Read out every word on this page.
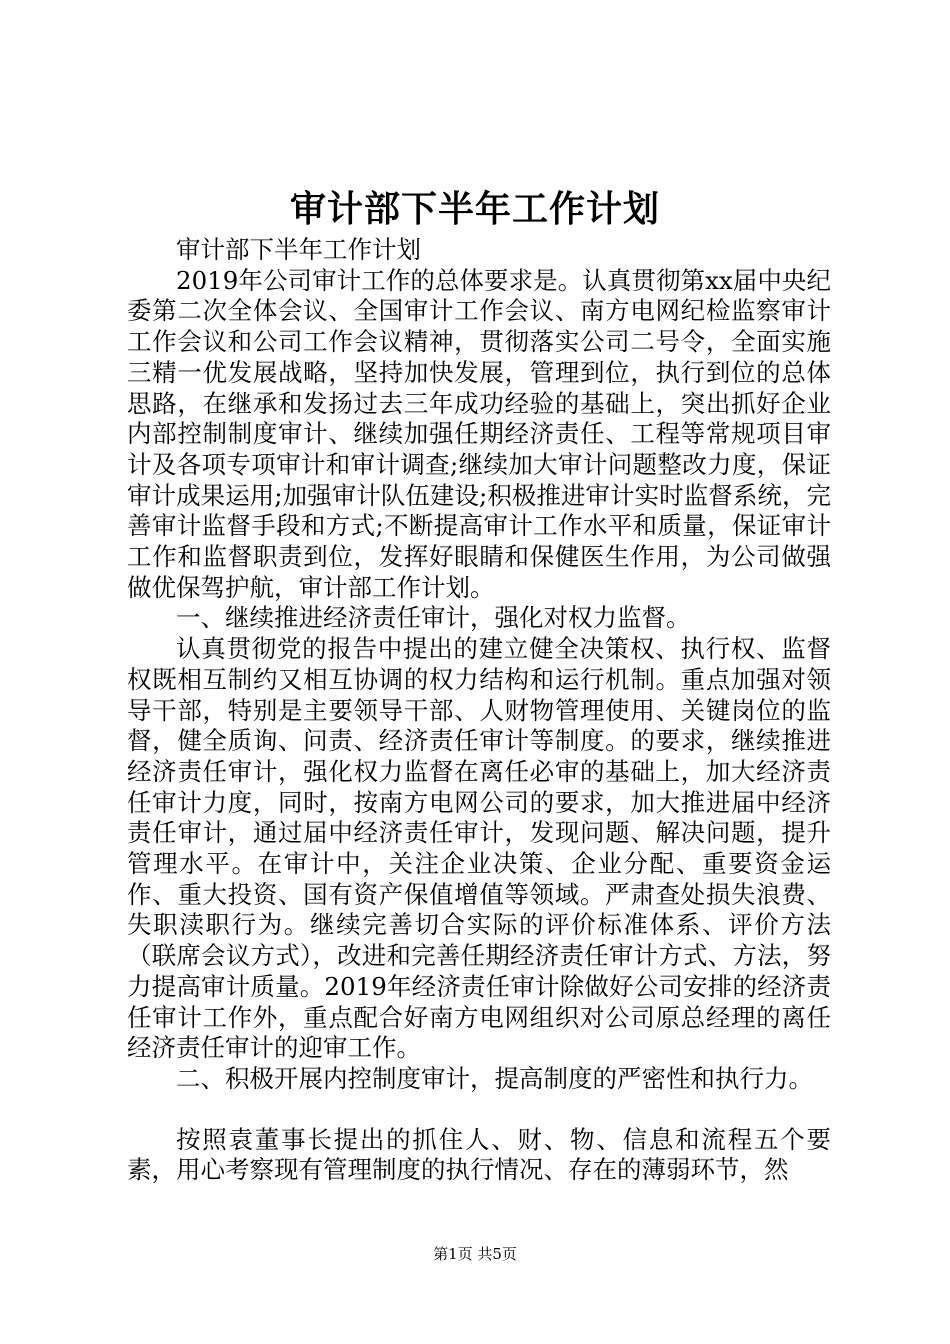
审计部下半年工作计划

审计部下半年工作计划

2019年公司审计工作的总体要求是。认真贯彻第xx届中央纪委第二次全体会议、全国审计工作会议、南方电网纪检监察审计工作会议和公司工作会议精神，贯彻落实公司二号令，全面实施三精一优发展战略，坚持加快发展，管理到位，执行到位的总体思路，在继承和发扬过去三年成功经验的基础上，突出抓好企业内部控制制度审计、继续加强任期经济责任、工程等常规项目审计及各项专项审计和审计调查;继续加大审计问题整改力度，保证审计成果运用;加强审计队伍建设;积极推进审计实时监督系统，完善审计监督手段和方式;不断提高审计工作水平和质量，保证审计工作和监督职责到位，发挥好眼睛和保健医生作用，为公司做强做优保驾护航，审计部工作计划。

一、继续推进经济责任审计，强化对权力监督。

认真贯彻党的报告中提出的建立健全决策权、执行权、监督权既相互制约又相互协调的权力结构和运行机制。重点加强对领导干部，特别是主要领导干部、人财物管理使用、关键岗位的监督，健全质询、问责、经济责任审计等制度。的要求，继续推进经济责任审计，强化权力监督在离任必审的基础上，加大经济责任审计力度，同时，按南方电网公司的要求，加大推进届中经济责任审计，通过届中经济责任审计，发现问题、解决问题，提升管理水平。在审计中，关注企业决策、企业分配、重要资金运作、重大投资、国有资产保值增值等领域。严肃查处损失浪费、失职渎职行为。继续完善切合实际的评价标准体系、评价方法（联席会议方式），改进和完善任期经济责任审计方式、方法，努力提高审计质量。2019年经济责任审计除做好公司安排的经济责任审计工作外，重点配合好南方电网组织对公司原总经理的离任经济责任审计的迎审工作。

二、积极开展内控制度审计，提高制度的严密性和执行力。

按照袁董事长提出的抓住人、财、物、信息和流程五个要素，用心考察现有管理制度的执行情况、存在的薄弱环节，然

第1页 共5页
